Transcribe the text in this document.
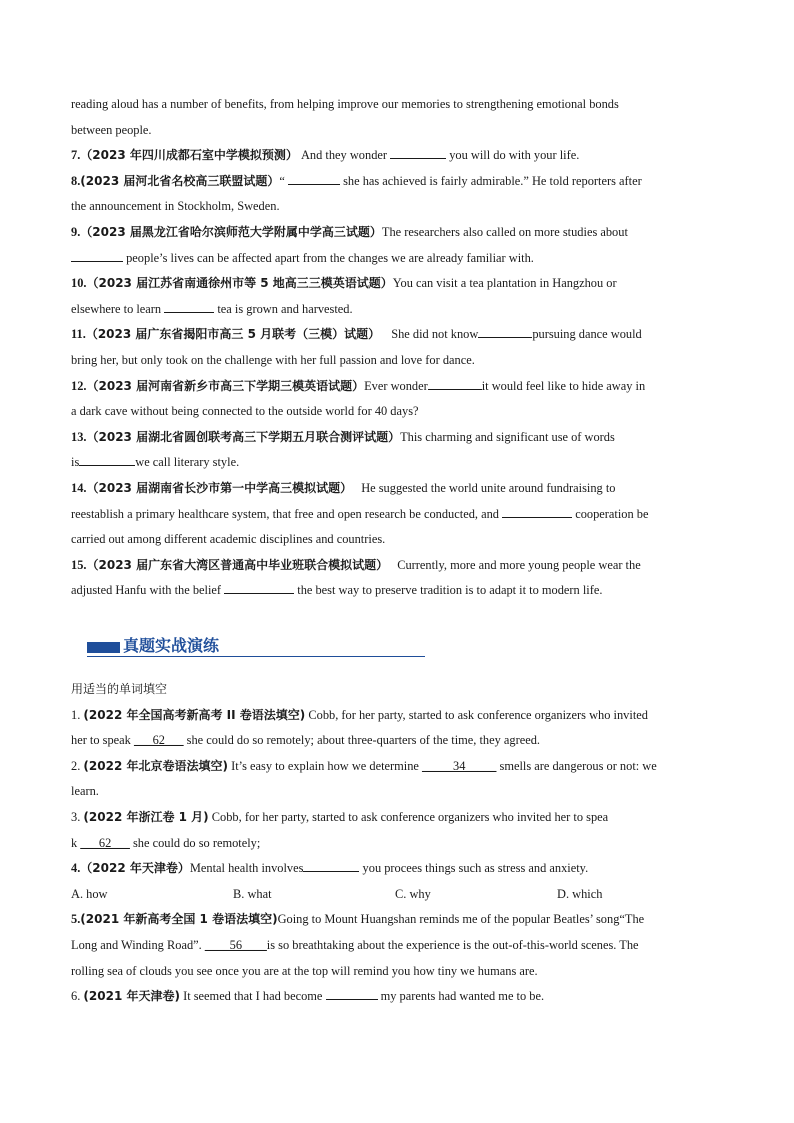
reading aloud has a number of benefits, from helping improve our memories to strengthening emotional bonds
between people.
7.（2023 年四川成都石室中学模拟预测） And they wonder	you will do with your life.
8.(2023 届河北省名校高三联盟试题）“	she has achieved is fairly admirable.” He told reporters after
the announcement in Stockholm, Sweden.
9.（2023 届黑龙江省哈尔滨师范大学附属中学高三试题）The researchers also called on more studies about
people’s lives can be affected apart from the changes we are already familiar with.
10.（2023 届江苏省南通徐州市等 5 地高三三模英语试题）You can visit a tea plantation in Hangzhou or
elsewhere to learn	tea is grown and harvested.
11.（2023 届广东省揭阳市高三 5 月联考（三模）试题） She did not know	pursuing dance would
bring her, but only took on the challenge with her full passion and love for dance.
12.（2023 届河南省新乡市高三下学期三模英语试题）Ever wonder	it would feel like to hide away in
a dark cave without being connected to the outside world for 40 days?
13.（2023 届湖北省圆创联考高三下学期五月联合测评试题）This charming and significant use of words
is	we call literary style.
14.（2023 届湖南省长沙市第一中学高三模拟试题） He suggested the world unite around fundraising to
reestablish a primary healthcare system, that free and open research be conducted, and	cooperation be
carried out among different academic disciplines and countries.
15.（2023 届广东省大湾区普通高中毕业班联合模拟试题） Currently, more and more young people wear the
adjusted Hanfu with the belief	the best way to preserve tradition is to adapt it to modern life.
真题实战演练
用适当的单词填空
1. (2022 年全国高考新高考 II 卷语法填空) Cobb, for her party, started to ask conference organizers who invited
her to speak ___62___ she could do so remotely; about three-quarters of the time, they agreed.
2. (2022 年北京卷语法填空) It’s easy to explain how we determine _____34_____ smells are dangerous or not: we
learn.
3. (2022 年浙江卷 1 月) Cobb, for her party, started to ask conference organizers who invited her to spea
k ___62___ she could do so remotely;
4.（2022 年天津卷）Mental health involves	you procees things such as stress and anxiety.
A. how	B. what	C. why	D. which
5.(2021 年新高考全国 1 卷语法填空)Going to Mount Huangshan reminds me of the popular Beatles’ song“The
Long and Winding Road”. ____56____is so breathtaking about the experience is the out-of-this-world scenes. The
rolling sea of clouds you see once you are at the top will remind you how tiny we humans are.
6. (2021 年天津卷) It seemed that I had become	my parents had wanted me to be.
